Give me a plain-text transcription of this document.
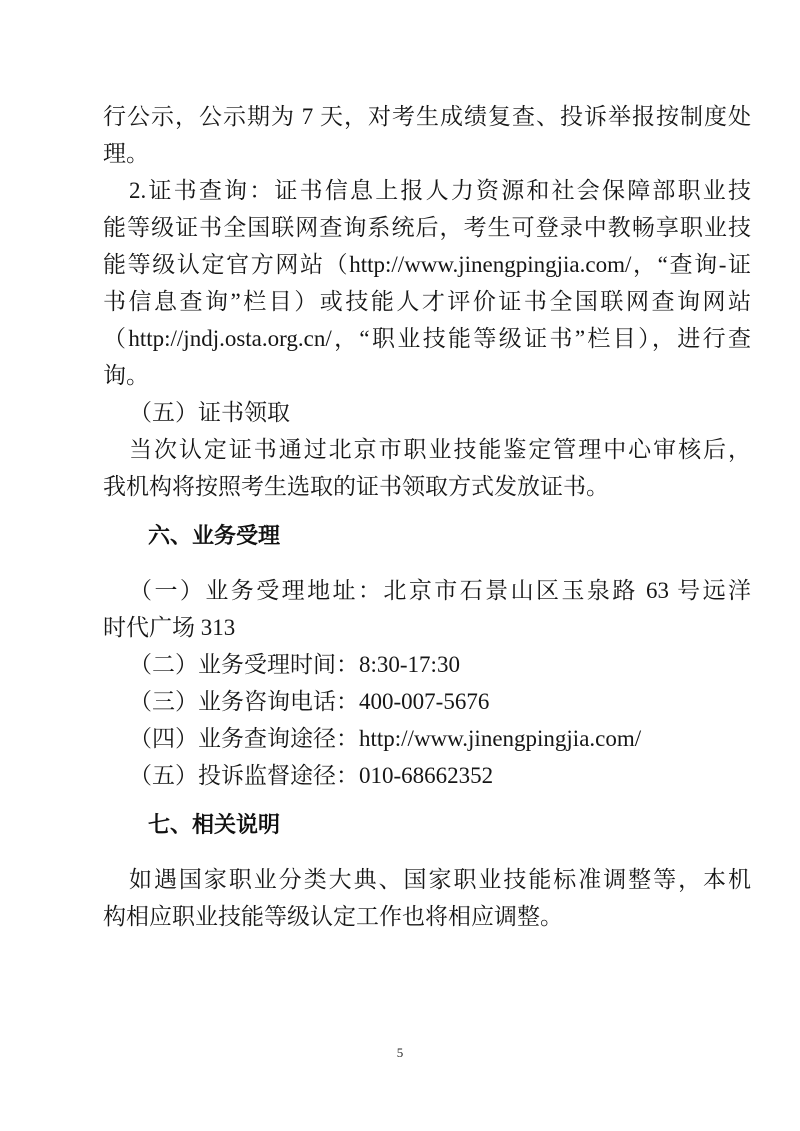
行公示，公示期为 7 天，对考生成绩复查、投诉举报按制度处
理。
2.证书查询：证书信息上报人力资源和社会保障部职业技
能等级证书全国联网查询系统后，考生可登录中教畅享职业技
能等级认定官方网站（http://www.jinengpingjia.com/，“查询-证
书信息查询”栏目）或技能人才评价证书全国联网查询网站
（http://jndj.osta.org.cn/，“职业技能等级证书”栏目），进行查
询。
（五）证书领取
当次认定证书通过北京市职业技能鉴定管理中心审核后，
我机构将按照考生选取的证书领取方式发放证书。
六、业务受理
（一）业务受理地址：北京市石景山区玉泉路 63 号远洋
时代广场 313
（二）业务受理时间：8:30-17:30
（三）业务咨询电话：400-007-5676
（四）业务查询途径：http://www.jinengpingjia.com/
（五）投诉监督途径：010-68662352
七、相关说明
如遇国家职业分类大典、国家职业技能标准调整等，本机
构相应职业技能等级认定工作也将相应调整。
5
